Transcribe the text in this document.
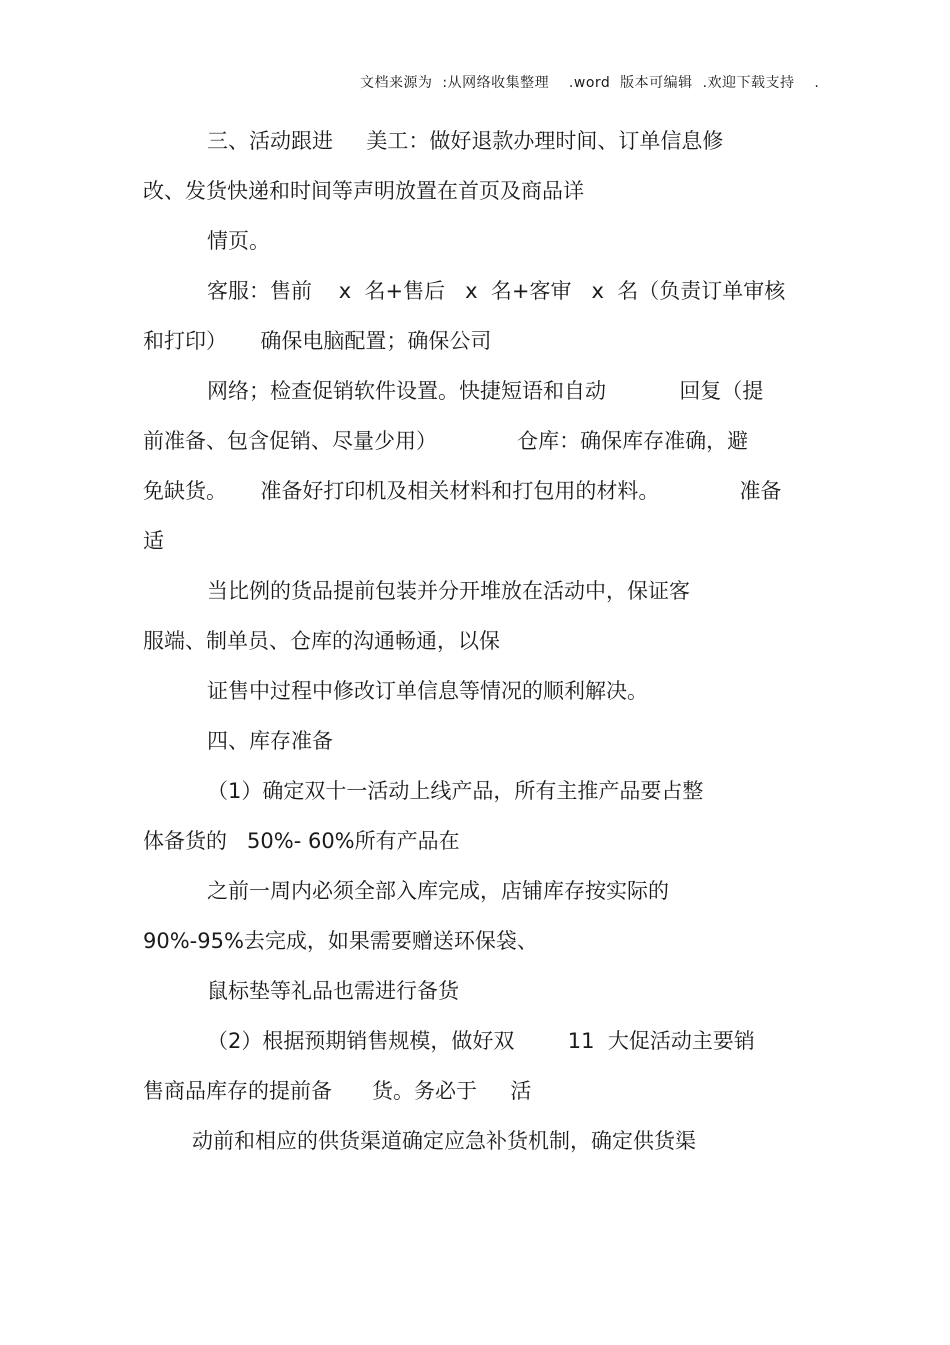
文档来源为  :从网络收集整理    .word  版本可编辑  .欢迎下载支持    .
三、活动跟进     美工：做好退款办理时间、订单信息修
改、发货快递和时间等声明放置在首页及商品详
情页。
客服：售前    x  名+售后   x  名+客审   x  名（负责订单审核
和打印）     确保电脑配置；确保公司
网络；检查促销软件设置。快捷短语和自动           回复（提
前准备、包含促销、尽量少用）            仓库：确保库存准确，避
免缺货。     准备好打印机及相关材料和打包用的材料。            准备
适
当比例的货品提前包装并分开堆放在活动中，保证客
服端、制单员、仓库的沟通畅通，以保
证售中过程中修改订单信息等情况的顺利解决。
四、库存准备
（1）确定双十一活动上线产品，所有主推产品要占整
体备货的   50%- 60%所有产品在
之前一周内必须全部入库完成，店铺库存按实际的
90%-95%去完成，如果需要赠送环保袋、
鼠标垫等礼品也需进行备货
（2）根据预期销售规模，做好双        11  大促活动主要销
售商品库存的提前备      货。务必于     活
动前和相应的供货渠道确定应急补货机制，确定供货渠
